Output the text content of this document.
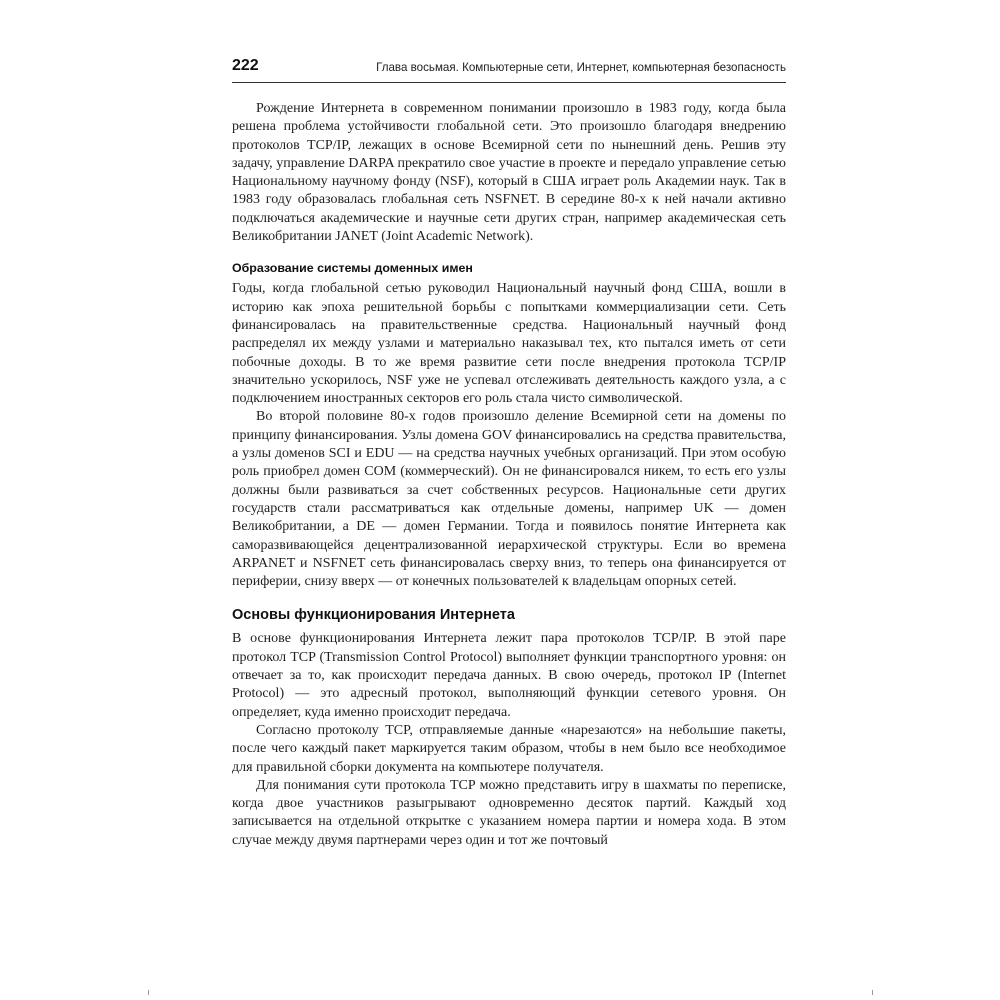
222	Глава восьмая. Компьютерные сети, Интернет, компьютерная безопасность

Рождение Интернета в современном понимании произошло в 1983 году, когда была решена проблема устойчивости глобальной сети. Это произошло благодаря внедрению протоколов TCP/IP, лежащих в основе Всемирной сети по нынешний день. Решив эту задачу, управление DARPA прекратило свое участие в проекте и передало управление сетью Национальному научному фонду (NSF), который в США играет роль Академии наук. Так в 1983 году образовалась глобальная сеть NSFNET. В середине 80-х к ней начали активно подключаться академические и научные сети других стран, например академическая сеть Великобритании JANET (Joint Academic Network).

Образование системы доменных имен

Годы, когда глобальной сетью руководил Национальный научный фонд США, вошли в историю как эпоха решительной борьбы с попытками коммерциализации сети. Сеть финансировалась на правительственные средства. Национальный научный фонд распределял их между узлами и материально наказывал тех, кто пытался иметь от сети побочные доходы. В то же время развитие сети после внедрения протокола TCP/IP значительно ускорилось, NSF уже не успевал отслеживать деятельность каждого узла, а с подключением иностранных секторов его роль стала чисто символической.

Во второй половине 80-х годов произошло деление Всемирной сети на домены по принципу финансирования. Узлы домена GOV финансировались на средства правительства, а узлы доменов SCI и EDU — на средства научных учебных организаций. При этом особую роль приобрел домен COM (коммерческий). Он не финансировался никем, то есть его узлы должны были развиваться за счет собственных ресурсов. Национальные сети других государств стали рассматриваться как отдельные домены, например UK — домен Великобритании, а DE — домен Германии. Тогда и появилось понятие Интернета как саморазвивающейся децентрализованной иерархической структуры. Если во времена ARPANET и NSFNET сеть финансировалась сверху вниз, то теперь она финансируется от периферии, снизу вверх — от конечных пользователей к владельцам опорных сетей.

Основы функционирования Интернета

В основе функционирования Интернета лежит пара протоколов TCP/IP. В этой паре протокол TCP (Transmission Control Protocol) выполняет функции транспортного уровня: он отвечает за то, как происходит передача данных. В свою очередь, протокол IP (Internet Protocol) — это адресный протокол, выполняющий функции сетевого уровня. Он определяет, куда именно происходит передача.

Согласно протоколу TCP, отправляемые данные «нарезаются» на небольшие пакеты, после чего каждый пакет маркируется таким образом, чтобы в нем было все необходимое для правильной сборки документа на компьютере получателя.

Для понимания сути протокола TCP можно представить игру в шахматы по переписке, когда двое участников разыгрывают одновременно десяток партий. Каждый ход записывается на отдельной открытке с указанием номера партии и номера хода. В этом случае между двумя партнерами через один и тот же почтовый
